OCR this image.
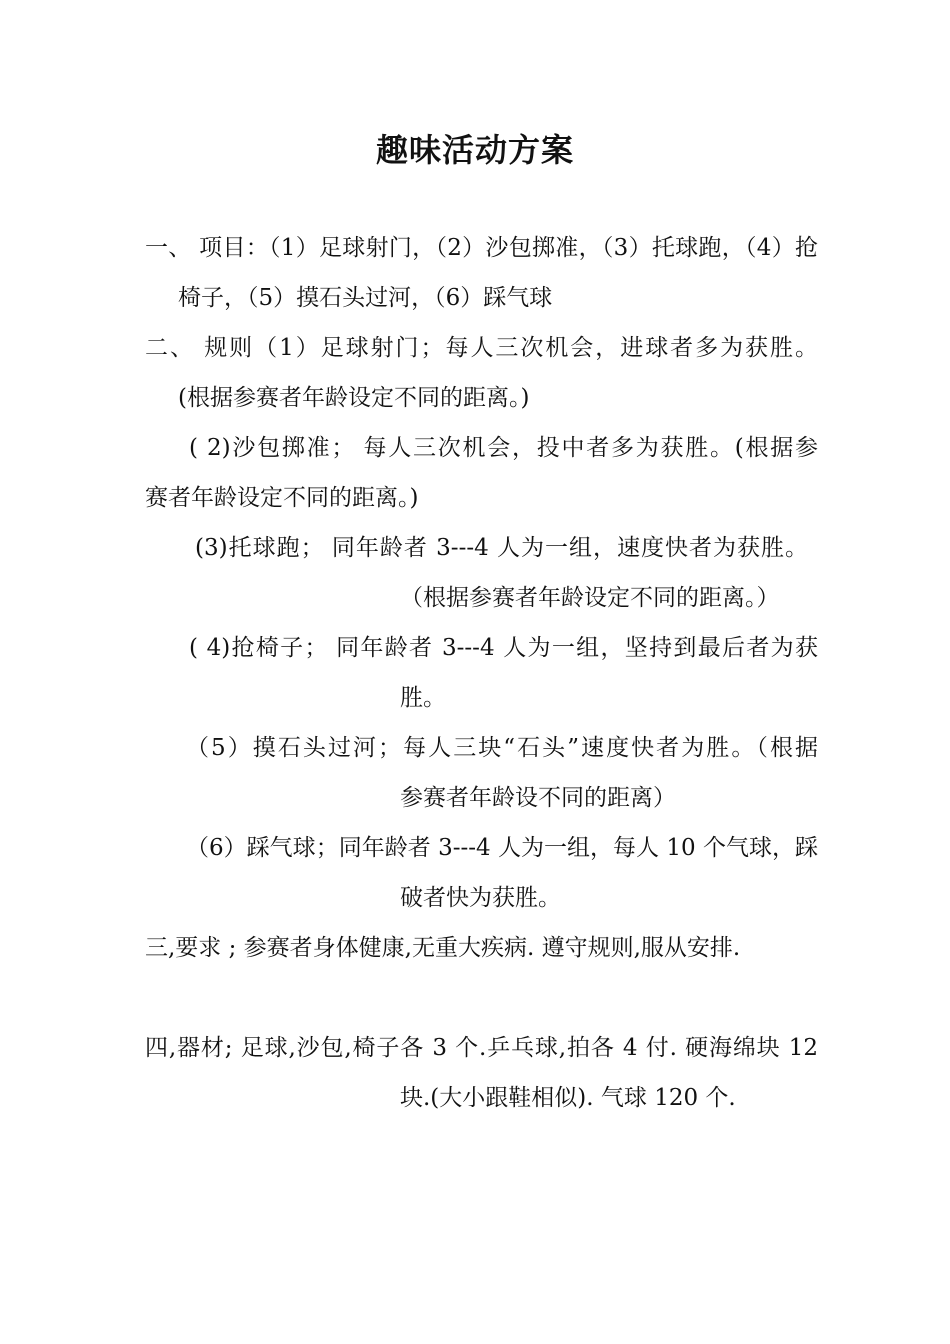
趣味活动方案
一、 项目：（1）足球射门，（2）沙包掷准，（3）托球跑，（4）抢
椅子，（5）摸石头过河，（6）踩气球
二、 规则（1）足球射门；每人三次机会，进球者多为获胜。
(根据参赛者年龄设定不同的距离。)
( 2)沙包掷准； 每人三次机会，投中者多为获胜。(根据参
赛者年龄设定不同的距离。)
(3)托球跑； 同年龄者 3---4 人为一组，速度快者为获胜。
（根据参赛者年龄设定不同的距离。）
( 4)抢椅子； 同年龄者 3---4 人为一组，坚持到最后者为获
胜。
（5）摸石头过河；每人三块“石头”速度快者为胜。（根据
参赛者年龄设不同的距离）
（6）踩气球；同年龄者 3---4 人为一组，每人 10 个气球，踩
破者快为获胜。
三,要求 ; 参赛者身体健康,无重大疾病. 遵守规则,服从安排.
四,器材; 足球,沙包,椅子各 3 个.乒乓球,拍各 4 付. 硬海绵块 12
块.(大小跟鞋相似). 气球 120 个.
